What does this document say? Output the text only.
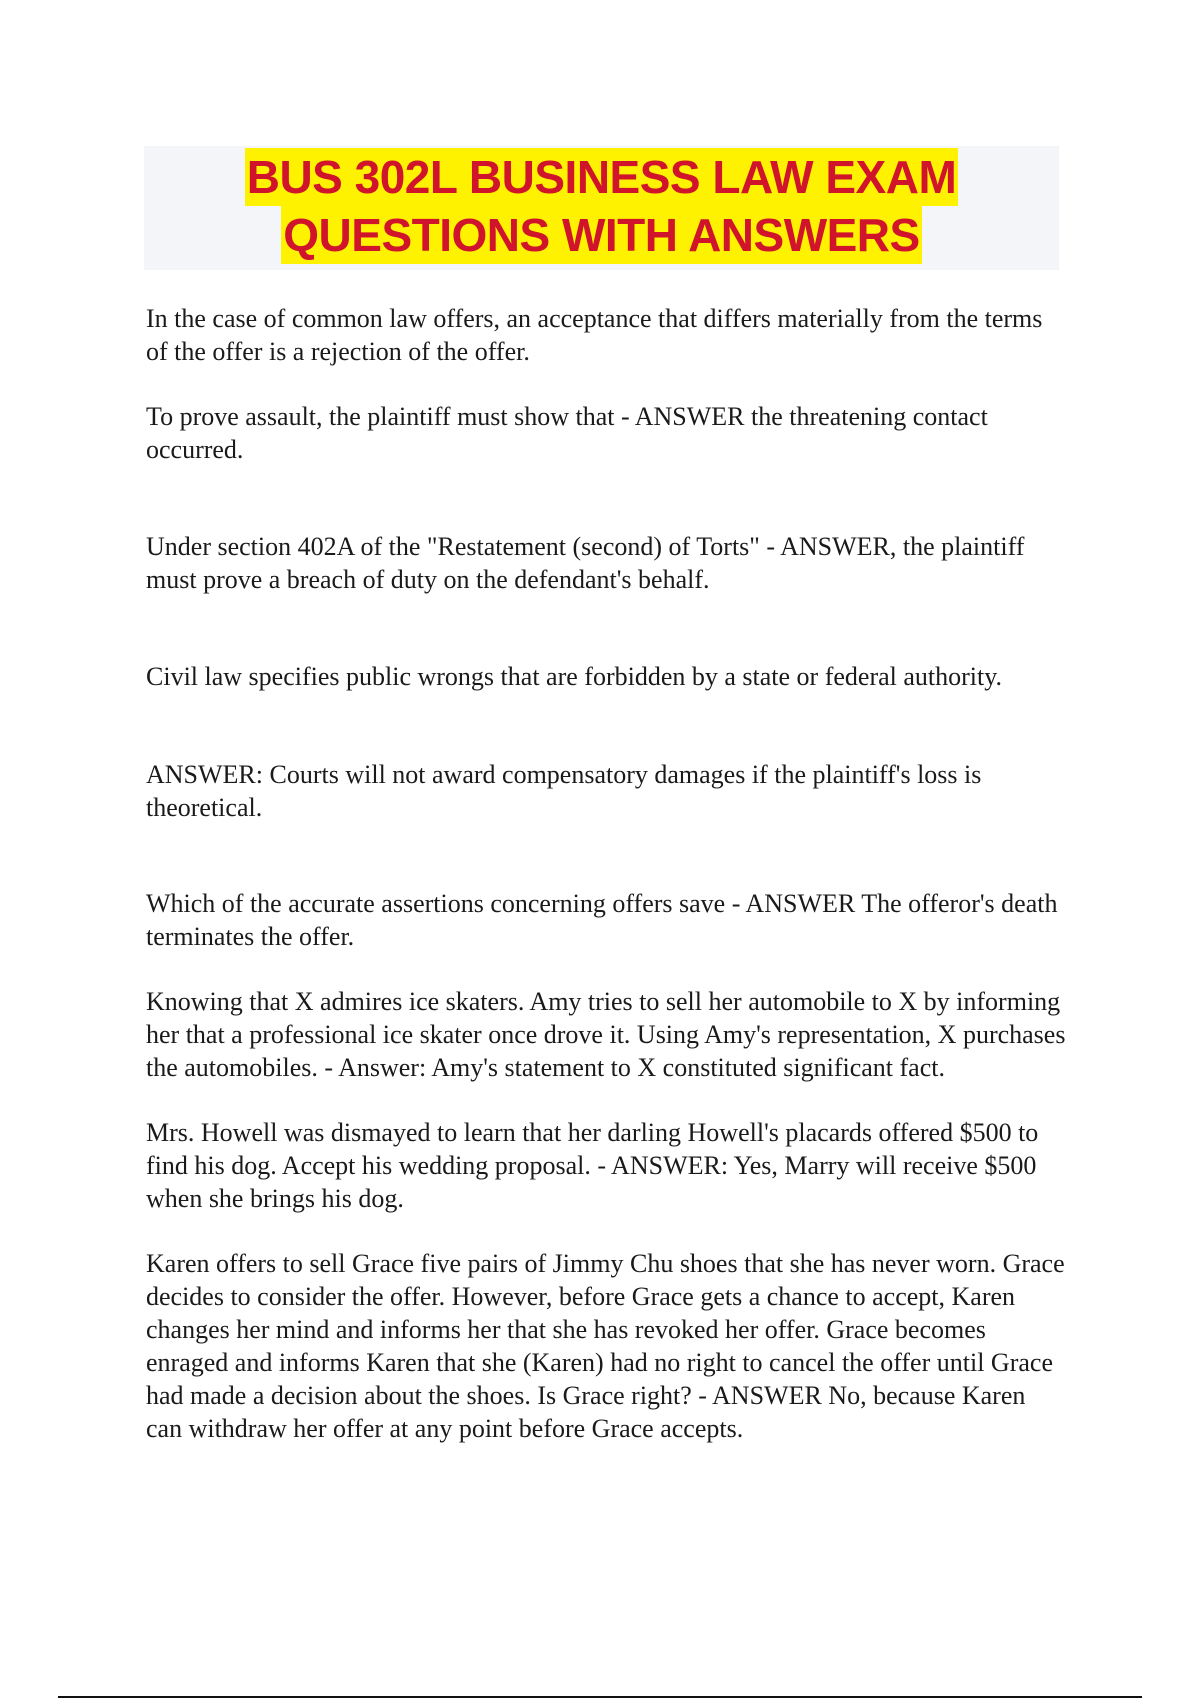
BUS 302L BUSINESS LAW EXAM
QUESTIONS WITH ANSWERS

In the case of common law offers, an acceptance that differs materially from the terms of the offer is a rejection of the offer.

To prove assault, the plaintiff must show that - ANSWER the threatening contact occurred.

Under section 402A of the "Restatement (second) of Torts" - ANSWER, the plaintiff must prove a breach of duty on the defendant's behalf.

Civil law specifies public wrongs that are forbidden by a state or federal authority.

ANSWER: Courts will not award compensatory damages if the plaintiff's loss is theoretical.

Which of the accurate assertions concerning offers save - ANSWER The offeror's death terminates the offer.

Knowing that X admires ice skaters. Amy tries to sell her automobile to X by informing her that a professional ice skater once drove it. Using Amy's representation, X purchases the automobiles. - Answer: Amy's statement to X constituted significant fact.

Mrs. Howell was dismayed to learn that her darling Howell's placards offered $500 to find his dog. Accept his wedding proposal. - ANSWER: Yes, Marry will receive $500 when she brings his dog.

Karen offers to sell Grace five pairs of Jimmy Chu shoes that she has never worn. Grace decides to consider the offer. However, before Grace gets a chance to accept, Karen changes her mind and informs her that she has revoked her offer. Grace becomes enraged and informs Karen that she (Karen) had no right to cancel the offer until Grace had made a decision about the shoes. Is Grace right? - ANSWER No, because Karen can withdraw her offer at any point before Grace accepts.
